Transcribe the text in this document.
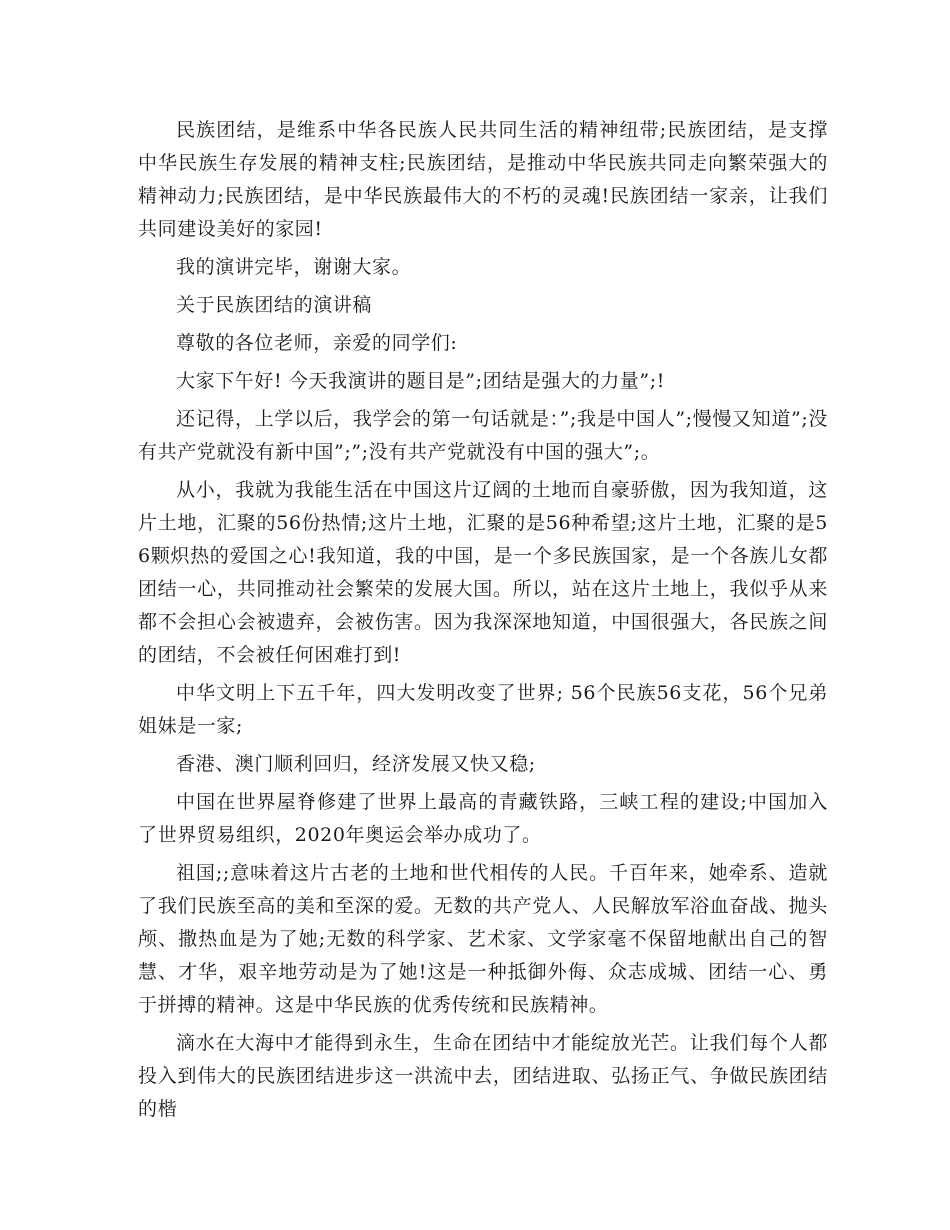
民族团结，是维系中华各民族人民共同生活的精神纽带;民族团结，是支撑中华民族生存发展的精神支柱;民族团结，是推动中华民族共同走向繁荣强大的精神动力;民族团结，是中华民族最伟大的不朽的灵魂!民族团结一家亲，让我们共同建设美好的家园!

我的演讲完毕，谢谢大家。

关于民族团结的演讲稿

尊敬的各位老师，亲爱的同学们:

大家下午好! 今天我演讲的题目是”;团结是强大的力量”;!

还记得，上学以后，我学会的第一句话就是：”;我是中国人”;慢慢又知道”;没有共产党就没有新中国”;”;没有共产党就没有中国的强大”;。

从小，我就为我能生活在中国这片辽阔的土地而自豪骄傲，因为我知道，这片土地，汇聚的56份热情;这片土地，汇聚的是56种希望;这片土地，汇聚的是56颗炽热的爱国之心!我知道，我的中国，是一个多民族国家，是一个各族儿女都团结一心，共同推动社会繁荣的发展大国。所以，站在这片土地上，我似乎从来都不会担心会被遗弃，会被伤害。因为我深深地知道，中国很强大，各民族之间的团结，不会被任何困难打到!

中华文明上下五千年，四大发明改变了世界; 56个民族56支花，56个兄弟姐妹是一家;

香港、澳门顺利回归，经济发展又快又稳;

中国在世界屋脊修建了世界上最高的青藏铁路，三峡工程的建设;中国加入了世界贸易组织，2020年奥运会举办成功了。

祖国;;意味着这片古老的土地和世代相传的人民。千百年来，她牵系、造就了我们民族至高的美和至深的爱。无数的共产党人、人民解放军浴血奋战、抛头颅、撒热血是为了她;无数的科学家、艺术家、文学家毫不保留地献出自己的智慧、才华，艰辛地劳动是为了她!这是一种抵御外侮、众志成城、团结一心、勇于拼搏的精神。这是中华民族的优秀传统和民族精神。

滴水在大海中才能得到永生，生命在团结中才能绽放光芒。让我们每个人都投入到伟大的民族团结进步这一洪流中去，团结进取、弘扬正气、争做民族团结的楷
